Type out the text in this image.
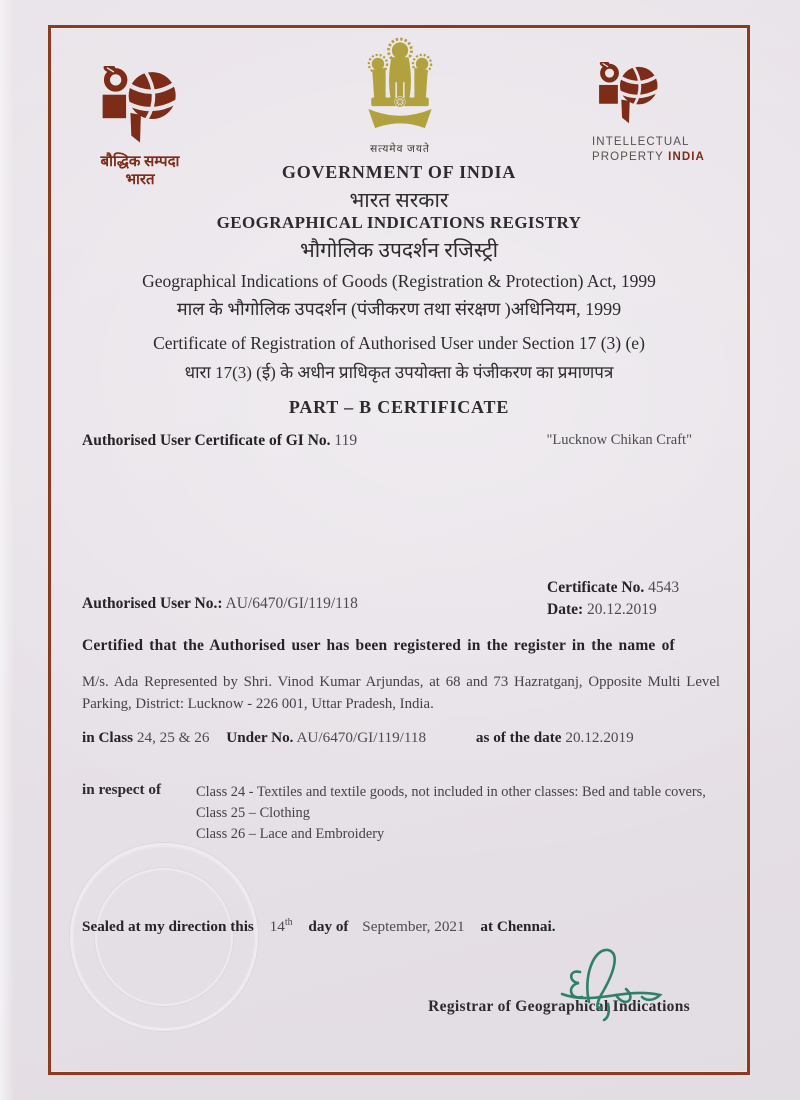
बौद्धिक सम्पदा
भारत
सत्यमेव जयते
INTELLECTUAL
PROPERTY INDIA
GOVERNMENT OF INDIA
भारत सरकार
GEOGRAPHICAL INDICATIONS REGISTRY
भौगोलिक उपदर्शन रजिस्ट्री
Geographical Indications of Goods (Registration & Protection) Act, 1999
माल के भौगोलिक उपदर्शन (पंजीकरण तथा संरक्षण )अधिनियम, 1999
Certificate of Registration of Authorised User under Section 17 (3) (e)
धारा 17(3) (ई) के अधीन प्राधिकृत उपयोक्ता के पंजीकरण का प्रमाणपत्र
PART – B CERTIFICATE
"Lucknow Chikan Craft"
Authorised User Certificate of GI No. 119
Certificate No. 4543
Date: 20.12.2019
Authorised User No.: AU/6470/GI/119/118
Certified that the Authorised user has been registered in the register in the name of
M/s. Ada Represented by Shri. Vinod Kumar Arjundas, at 68 and 73 Hazratganj, Opposite Multi Level Parking, District: Lucknow - 226 001, Uttar Pradesh, India.
in Class 24, 25 & 26 Under No. AU/6470/GI/119/118	as of the date 20.12.2019
in respect of Class 24 - Textiles and textile goods, not included in other classes: Bed and table covers,
Class 25 – Clothing
Class 26 – Lace and Embroidery
Sealed at my direction this 14th day of September, 2021 at Chennai.
Registrar of Geographical Indications
